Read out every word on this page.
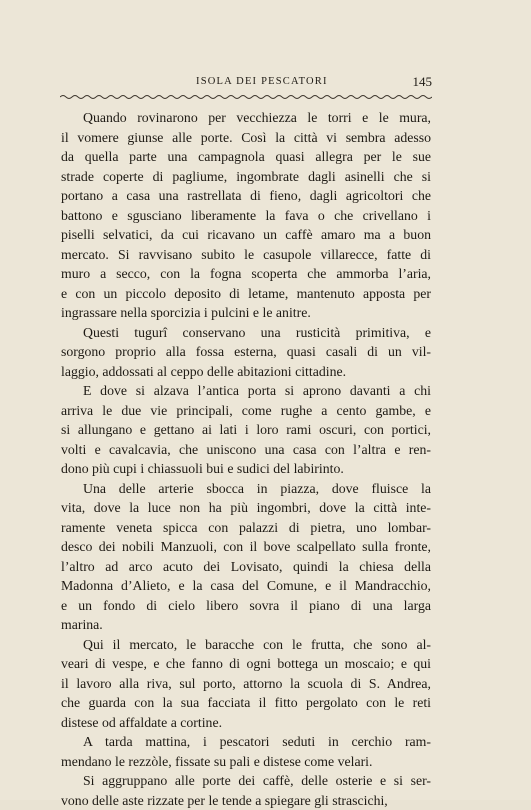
ISOLA DEI PESCATORI	145
Quando rovinarono per vecchiezza le torri e le mura,
il vomere giunse alle porte. Così la città vi sembra adesso
da quella parte una campagnola quasi allegra per le sue
strade coperte di pagliume, ingombrate dagli asinelli che si
portano a casa una rastrellata di fieno, dagli agricoltori che
battono e sgusciano liberamente la fava o che crivellano i
piselli selvatici, da cui ricavano un caffè amaro ma a buon
mercato. Si ravvisano subito le casupole villarecce, fatte di
muro a secco, con la fogna scoperta che ammorba l’aria,
e con un piccolo deposito di letame, mantenuto apposta per
ingrassare nella sporcizia i pulcini e le anitre.
Questi tugurî conservano una rusticità primitiva, e
sorgono proprio alla fossa esterna, quasi casali di un vil-
laggio, addossati al ceppo delle abitazioni cittadine.
E dove si alzava l’antica porta si aprono davanti a chi
arriva le due vie principali, come rughe a cento gambe, e
si allungano e gettano ai lati i loro rami oscuri, con portici,
volti e cavalcavia, che uniscono una casa con l’altra e ren-
dono più cupi i chiassuoli bui e sudici del labirinto.
Una delle arterie sbocca in piazza, dove fluisce la
vita, dove la luce non ha più ingombri, dove la città inte-
ramente veneta spicca con palazzi di pietra, uno lombar-
desco dei nobili Manzuoli, con il bove scalpellato sulla fronte,
l’altro ad arco acuto dei Lovisato, quindi la chiesa della
Madonna d’Alieto, e la casa del Comune, e il Mandracchio,
e un fondo di cielo libero sovra il piano di una larga
marina.
Qui il mercato, le baracche con le frutta, che sono al-
veari di vespe, e che fanno di ogni bottega un moscaio; e qui
il lavoro alla riva, sul porto, attorno la scuola di S. Andrea,
che guarda con la sua facciata il fitto pergolato con le reti
distese od affaldate a cortine.
A tarda mattina, i pescatori seduti in cerchio ram-
mendano le rezzòle, fissate su pali e distese come velari.
Si aggruppano alle porte dei caffè, delle osterie e si ser-
vono delle aste rizzate per le tende a spiegare gli strascichi,
